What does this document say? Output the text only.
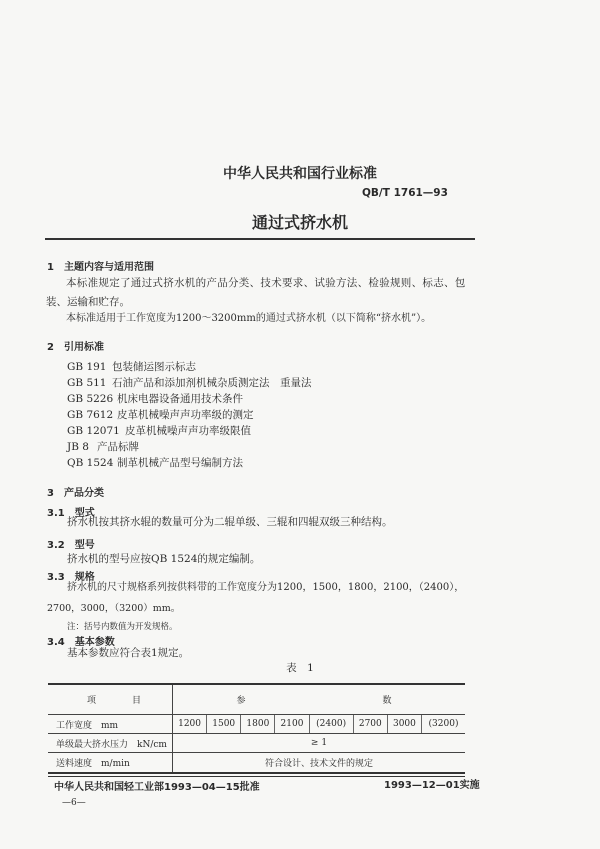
中华人民共和国行业标准
QB/T 1761—93
通过式挤水机
1　主题内容与适用范围
本标准规定了通过式挤水机的产品分类、技术要求、试验方法、检验规则、标志、包
装、运输和贮存。
本标准适用于工作宽度为1200～3200mm的通过式挤水机（以下简称“挤水机”）。
2　引用标准
GB 191 包装储运图示标志
GB 511 石油产品和添加剂机械杂质测定法　重量法
GB 5226 机床电器设备通用技术条件
GB 7612 皮革机械噪声声功率级的测定
GB 12071 皮革机械噪声声功率级限值
JB 8 产品标牌
QB 1524 制革机械产品型号编制方法
3　产品分类
3.1　型式
挤水机按其挤水辊的数量可分为二辊单级、三辊和四辊双级三种结构。
3.2　型号
挤水机的型号应按QB 1524的规定编制。
3.3　规格
挤水机的尺寸规格系列按供料带的工作宽度分为1200，1500，1800，2100，（2400），
2700，3000，（3200）mm。
注：括号内数值为开发规格。
3.4　基本参数
基本参数应符合表1规定。
表　1
项　　　　目	参				数			
工作宽度　mm	1200	1500	1800	2100	(2400)	2700	3000	(3200)
单级最大挤水压力　kN/cm	≥ 1							
送料速度　m/min	符合设计、技术文件的规定							
中华人民共和国轻工业部1993—04—15批准	1993—12—01实施
—6—
